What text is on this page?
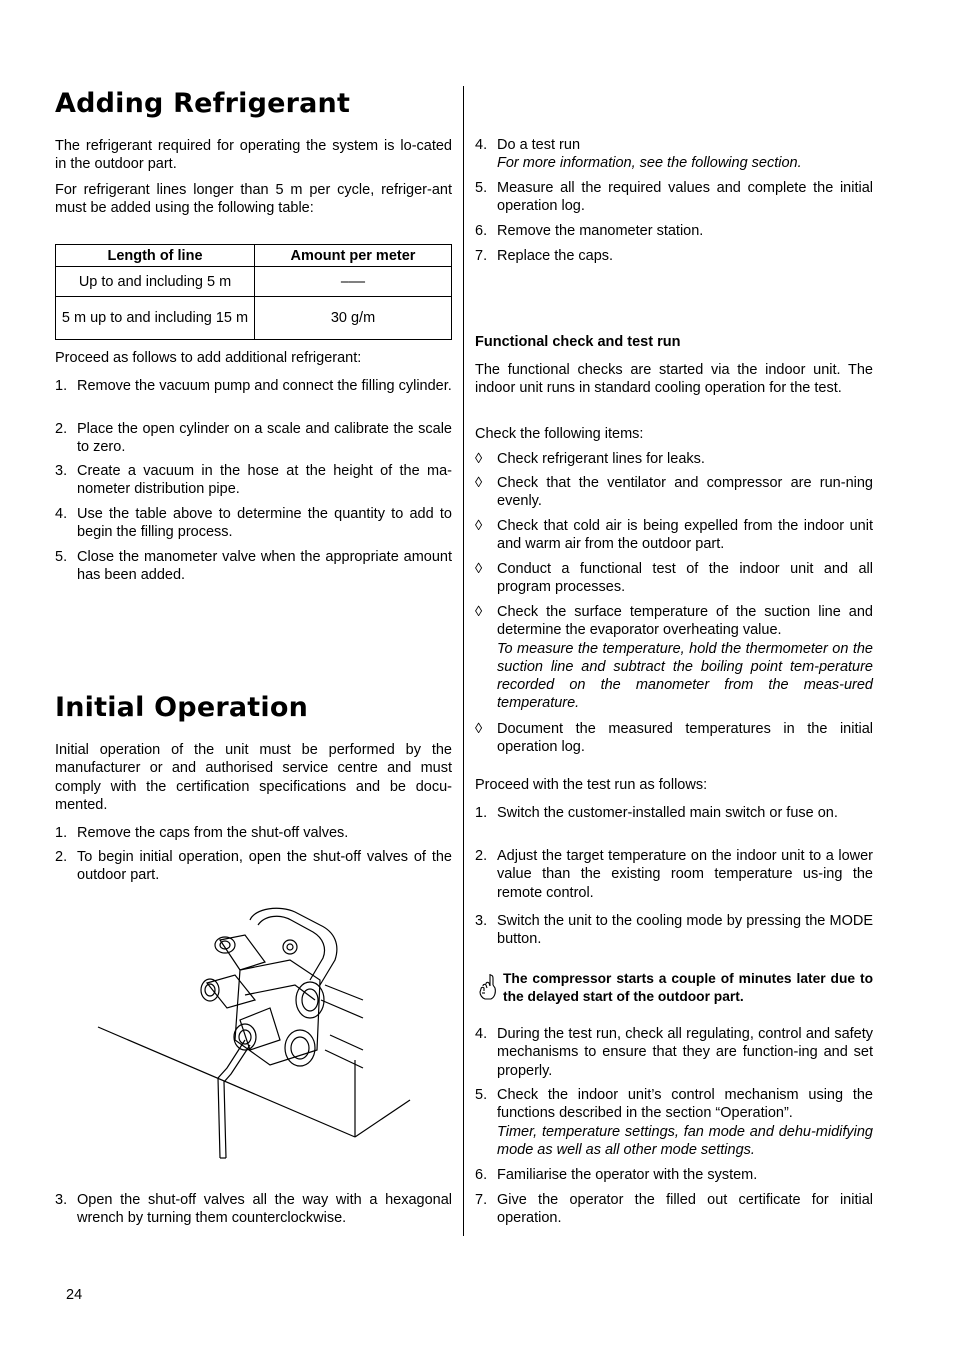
Adding Refrigerant

The refrigerant required for operating the system is lo-cated in the outdoor part.

For refrigerant lines longer than 5 m per cycle, refriger-ant must be added using the following table:

Length of line	Amount per meter
Up to and including 5 m	–––
5 m up to and including 15 m	30 g/m

Proceed as follows to add additional refrigerant:

1. Remove the vacuum pump and connect the filling cylinder.
2. Place the open cylinder on a scale and calibrate the scale to zero.
3. Create a vacuum in the hose at the height of the ma-nometer distribution pipe.
4. Use the table above to determine the quantity to add to begin the filling process.
5. Close the manometer valve when the appropriate amount has been added.
Initial Operation

Initial operation of the unit must be performed by the manufacturer or and authorised service centre and must comply with the certification specifications and be docu-mented.

1. Remove the caps from the shut-off valves.
2. To begin initial operation, open the shut-off valves of the outdoor part.
3. Open the shut-off valves all the way with a hexagonal wrench by turning them counterclockwise.
4. Do a test run
For more information, see the following section.
5. Measure all the required values and complete the initial operation log.
6. Remove the manometer station.
7. Replace the caps.

Functional check and test run

The functional checks are started via the indoor unit. The indoor unit runs in standard cooling operation for the test.

Check the following items:

◊ Check refrigerant lines for leaks.
◊ Check that the ventilator and compressor are run-ning evenly.
◊ Check that cold air is being expelled from the indoor unit and warm air from the outdoor part.
◊ Conduct a functional test of the indoor unit and all program processes.
◊ Check the surface temperature of the suction line and determine the evaporator overheating value.
To measure the temperature, hold the thermometer on the suction line and subtract the boiling point tem-perature recorded on the manometer from the meas-ured temperature.
◊ Document the measured temperatures in the initial operation log.

Proceed with the test run as follows:

1. Switch the customer-installed main switch or fuse on.
2. Adjust the target temperature on the indoor unit to a lower value than the existing room temperature us-ing the remote control.
3. Switch the unit to the cooling mode by pressing the MODE button.

The compressor starts a couple of minutes later due to the delayed start of the outdoor part.

4. During the test run, check all regulating, control and safety mechanisms to ensure that they are function-ing and set properly.
5. Check the indoor unit’s control mechanism using the functions described in the section “Operation”.
Timer, temperature settings, fan mode and dehu-midifying mode as well as all other mode settings.
6. Familiarise the operator with the system.
7. Give the operator the filled out certificate for initial operation.
24
